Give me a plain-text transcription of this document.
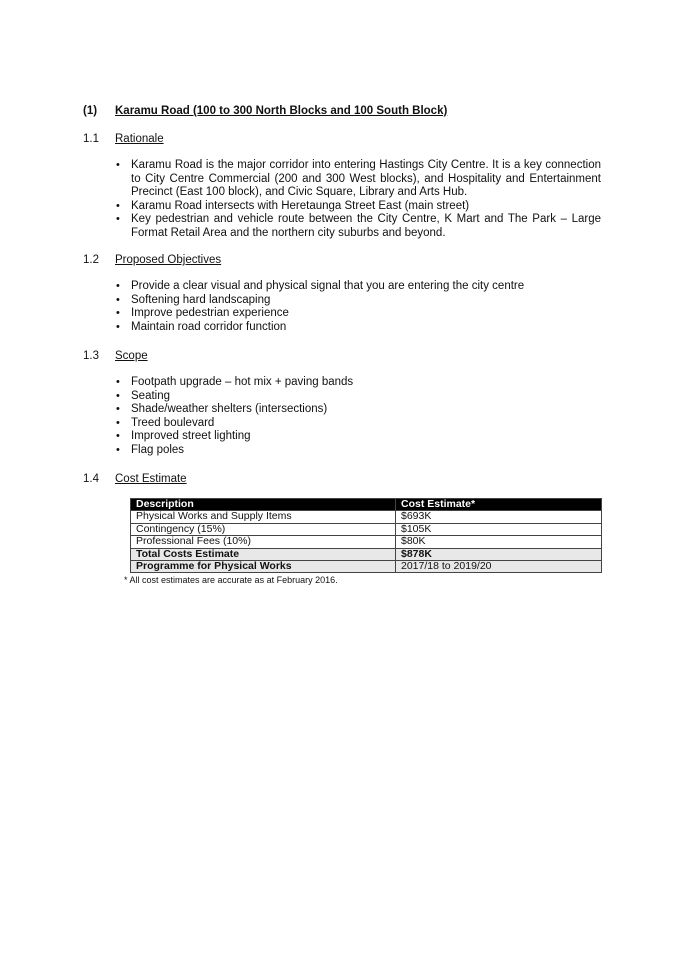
(1) Karamu Road (100 to 300 North Blocks and 100 South Block)
1.1 Rationale
• Karamu Road is the major corridor into entering Hastings City Centre. It is a key connection to City Centre Commercial (200 and 300 West blocks), and Hospitality and Entertainment Precinct (East 100 block), and Civic Square, Library and Arts Hub.
• Karamu Road intersects with Heretaunga Street East (main street)
• Key pedestrian and vehicle route between the City Centre, K Mart and The Park – Large Format Retail Area and the northern city suburbs and beyond.
1.2 Proposed Objectives
• Provide a clear visual and physical signal that you are entering the city centre
• Softening hard landscaping
• Improve pedestrian experience
• Maintain road corridor function
1.3 Scope
• Footpath upgrade – hot mix + paving bands
• Seating
• Shade/weather shelters (intersections)
• Treed boulevard
• Improved street lighting
• Flag poles
1.4 Cost Estimate
Description	Cost Estimate*
Physical Works and Supply Items	$693K
Contingency (15%)	$105K
Professional Fees (10%)	$80K
Total Costs Estimate	$878K
Programme for Physical Works	2017/18 to 2019/20
* All cost estimates are accurate as at February 2016.
